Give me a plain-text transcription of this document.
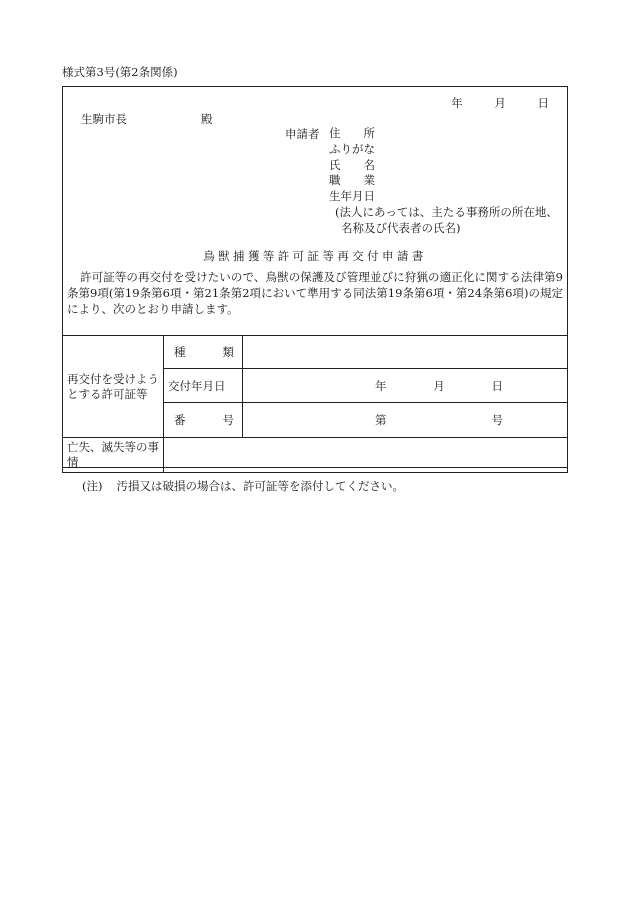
様式第3号(第2条関係)
年	月	日
生駒市長	殿
申請者 住　　所
ふりがな
氏　　名
職　　業
生年月日
(法人にあっては、主たる事務所の所在地、
名称及び代表者の氏名)
鳥獣捕獲等許可証等再交付申請書
許可証等の再交付を受けたいので、鳥獣の保護及び管理並びに狩猟の適正化に関する法律第9条第9項(第19条第6項・第21条第2項において準用する同法第19条第6項・第24条第6項)の規定により、次のとおり申請します。
再交付を受けようとする許可証等	種 類	

	交付年月日	年 月 日

	番 号	第 号

亡失、滅失等の事情		
(注) 汚損又は破損の場合は、許可証等を添付してください。
